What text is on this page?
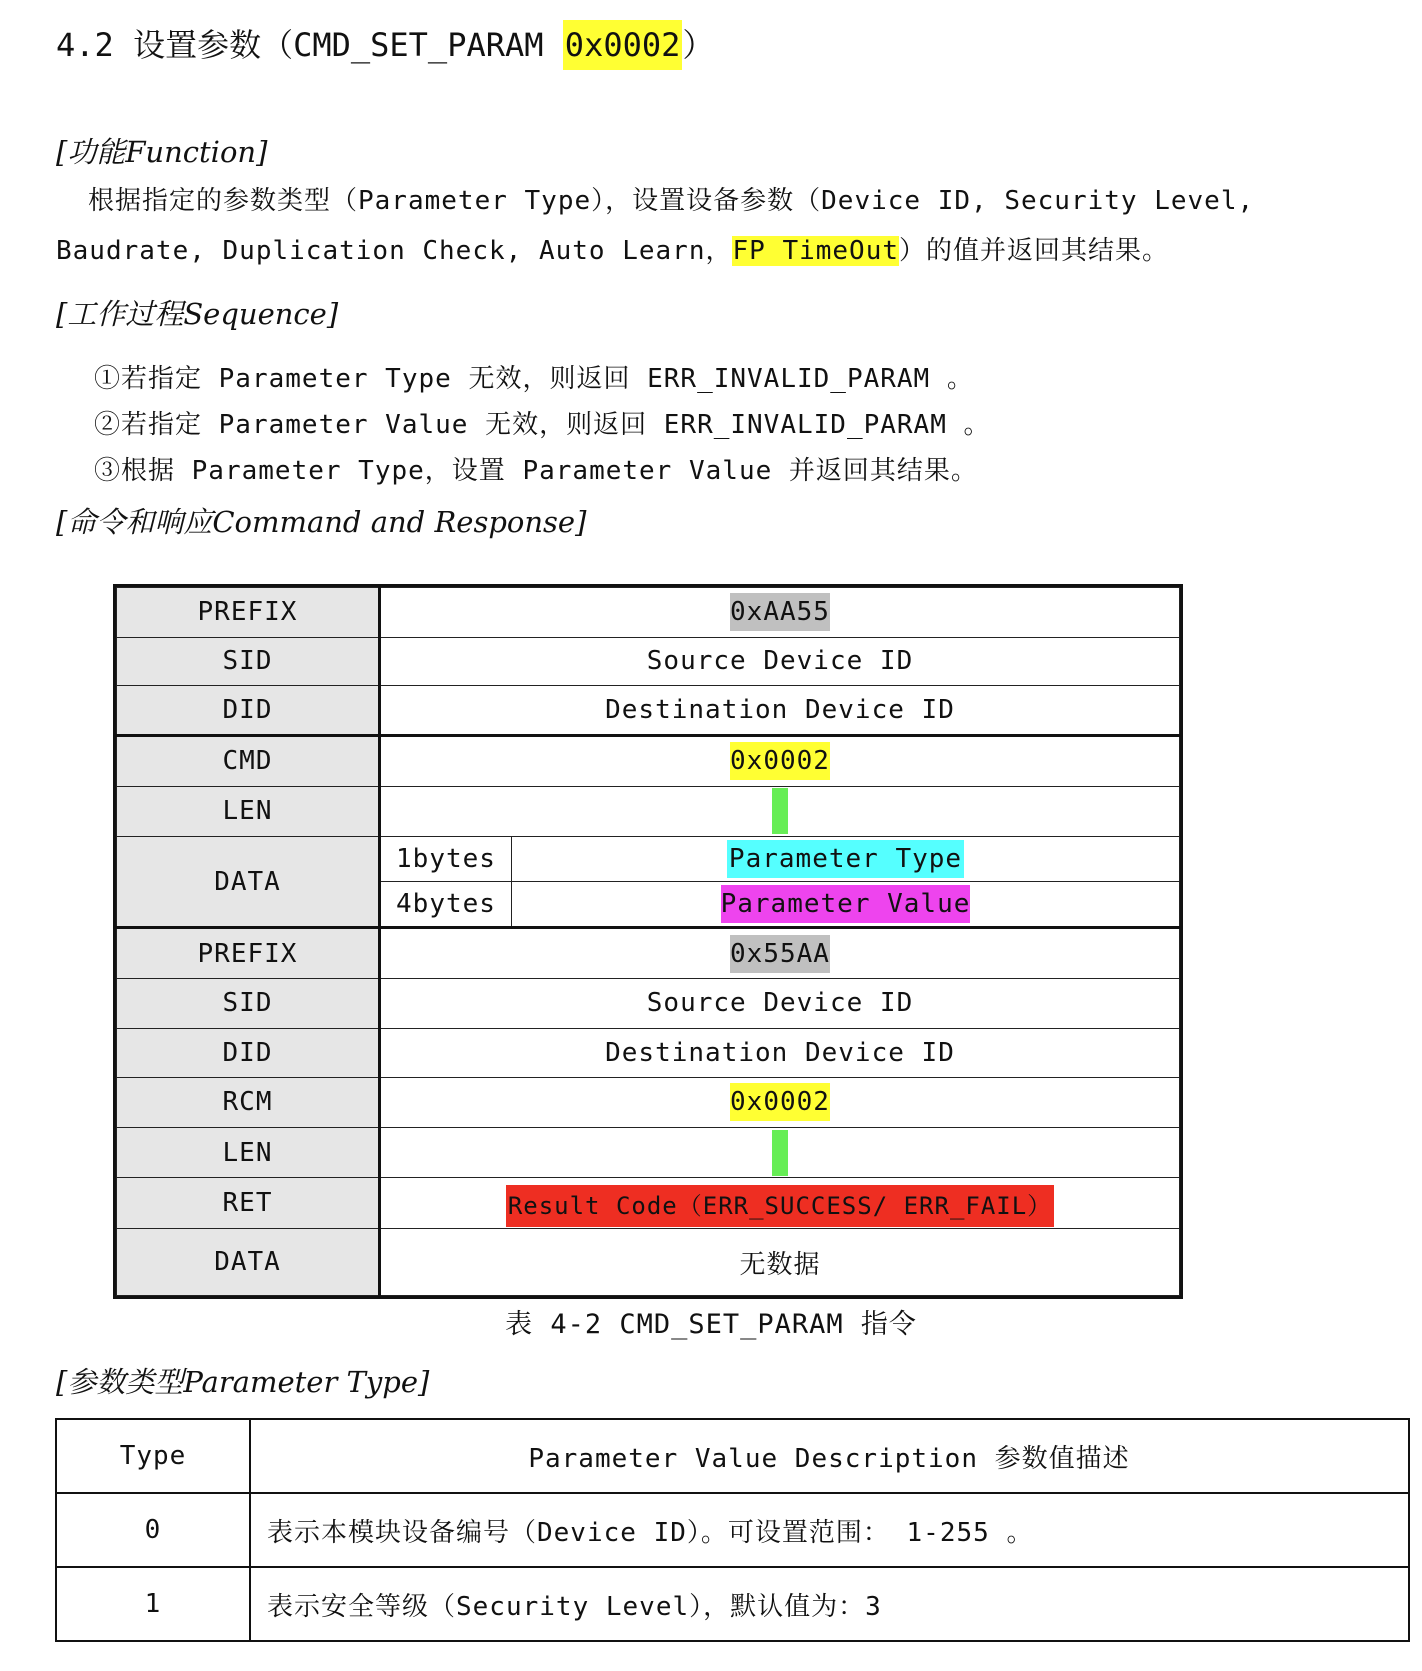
4.2 设置参数（CMD_SET_PARAM 0x0002）
[功能Function]
根据指定的参数类型（Parameter Type），设置设备参数（Device ID, Security Level, Baudrate, Duplication Check, Auto Learn，FP TimeOut）的值并返回其结果。
[工作过程Sequence]
①若指定 Parameter Type 无效，则返回 ERR_INVALID_PARAM 。
②若指定 Parameter Value 无效，则返回 ERR_INVALID_PARAM 。
③根据 Parameter Type，设置 Parameter Value 并返回其结果。
[命令和响应Command and Response]
PREFIX	0xAA55	
SID	Source Device ID	
DID	Destination Device ID	
CMD	0x0002	
LEN		
DATA	1bytes	Parameter Type
	4bytes	Parameter Value
PREFIX	0x55AA	
SID	Source Device ID	
DID	Destination Device ID	
RCM	0x0002	
LEN		
RET	Result Code（ERR_SUCCESS/ ERR_FAIL）	
DATA	无数据	
表 4-2 CMD_SET_PARAM 指令
[参数类型Parameter Type]
Type	Parameter Value Description 参数值描述
0	表示本模块设备编号（Device ID）。可设置范围： 1-255 。
1	表示安全等级（Security Level），默认值为：3
